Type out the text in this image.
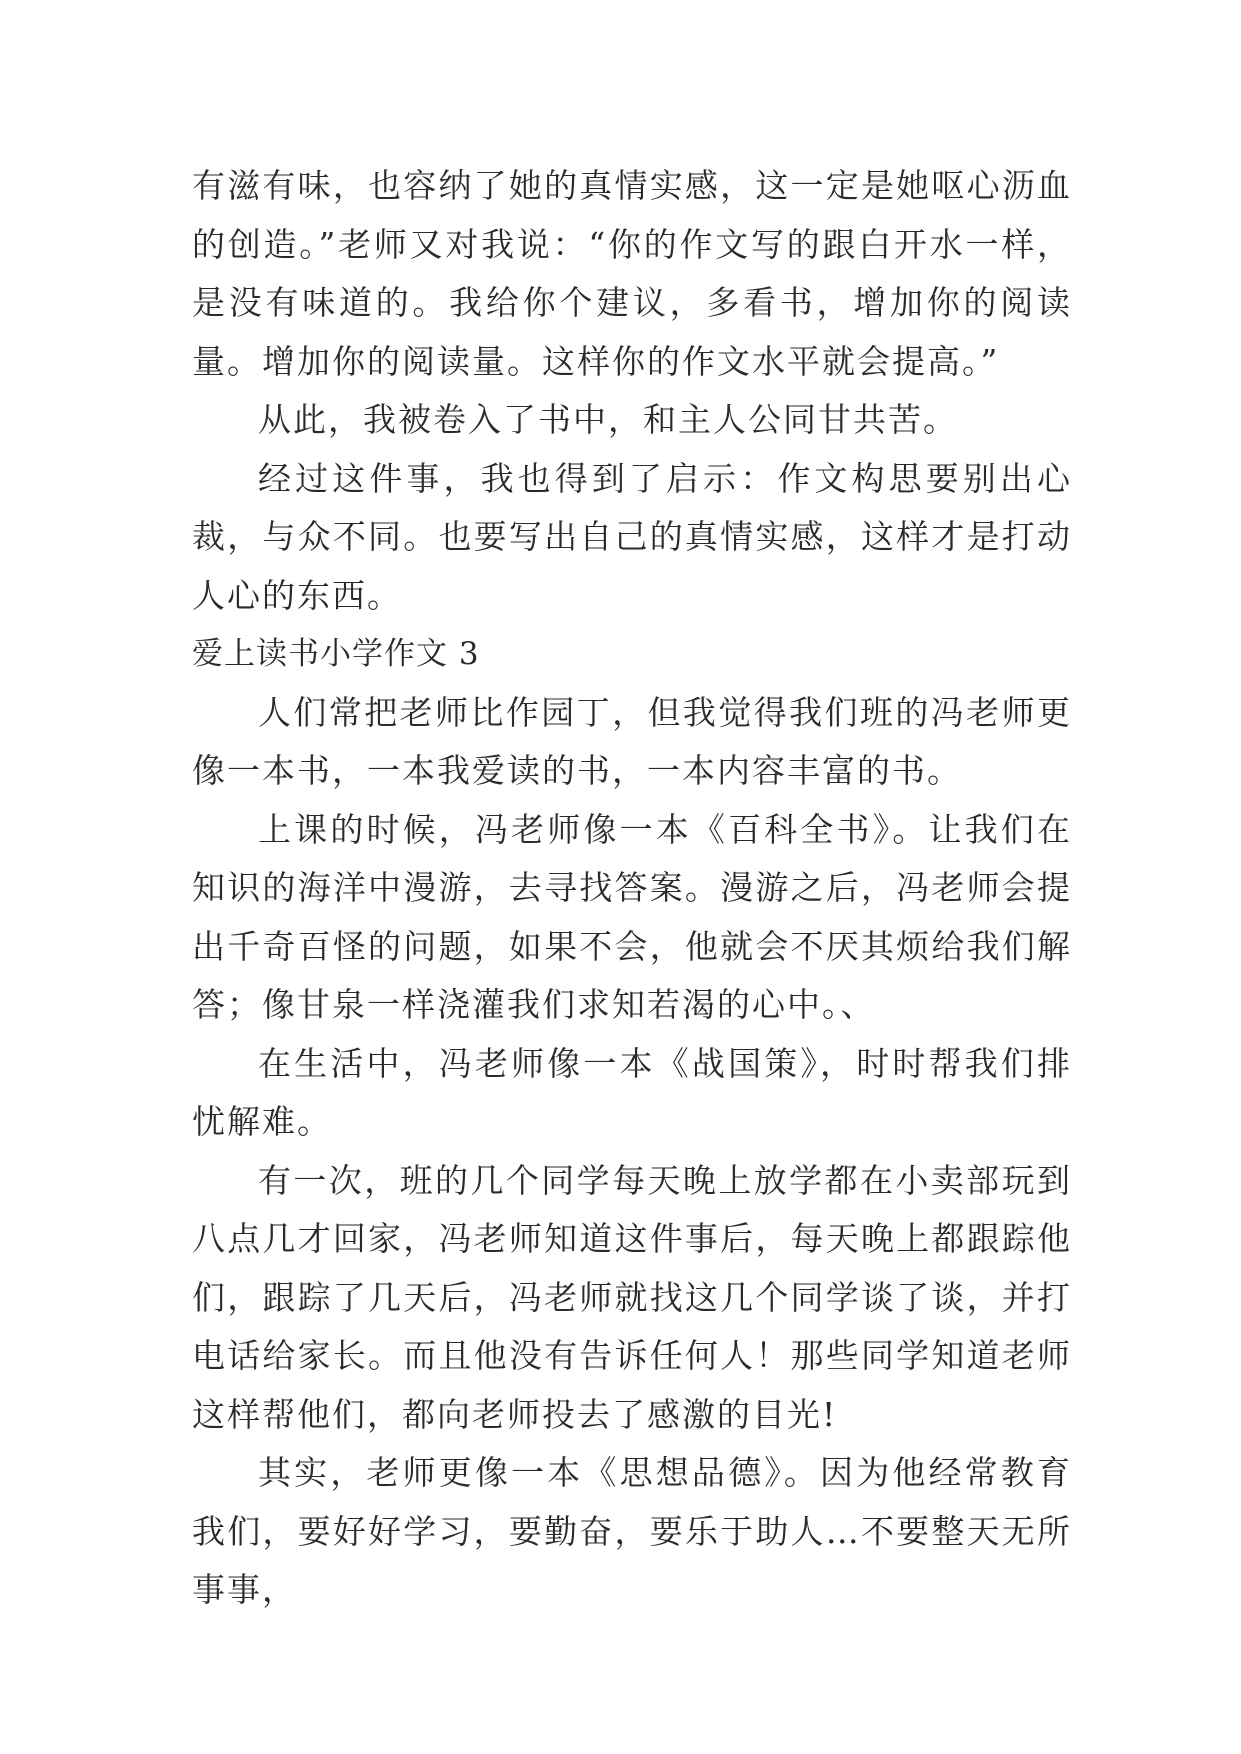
有滋有味，也容纳了她的真情实感，这一定是她呕心沥血的创造。”老师又对我说：“你的作文写的跟白开水一样，是没有味道的。我给你个建议，多看书，增加你的阅读量。增加你的阅读量。这样你的作文水平就会提高。”

从此，我被卷入了书中，和主人公同甘共苦。

经过这件事，我也得到了启示：作文构思要别出心裁，与众不同。也要写出自己的真情实感，这样才是打动人心的东西。

爱上读书小学作文 3

人们常把老师比作园丁，但我觉得我们班的冯老师更像一本书，一本我爱读的书，一本内容丰富的书。

上课的时候，冯老师像一本《百科全书》。让我们在知识的海洋中漫游，去寻找答案。漫游之后，冯老师会提出千奇百怪的问题，如果不会，他就会不厌其烦给我们解答；像甘泉一样浇灌我们求知若渴的心中。、

在生活中，冯老师像一本《战国策》，时时帮我们排忧解难。

有一次，班的几个同学每天晚上放学都在小卖部玩到八点几才回家，冯老师知道这件事后，每天晚上都跟踪他们，跟踪了几天后，冯老师就找这几个同学谈了谈，并打电话给家长。而且他没有告诉任何人！那些同学知道老师这样帮他们，都向老师投去了感激的目光!

其实，老师更像一本《思想品德》。因为他经常教育我们，要好好学习，要勤奋，要乐于助人…不要整天无所事事，
